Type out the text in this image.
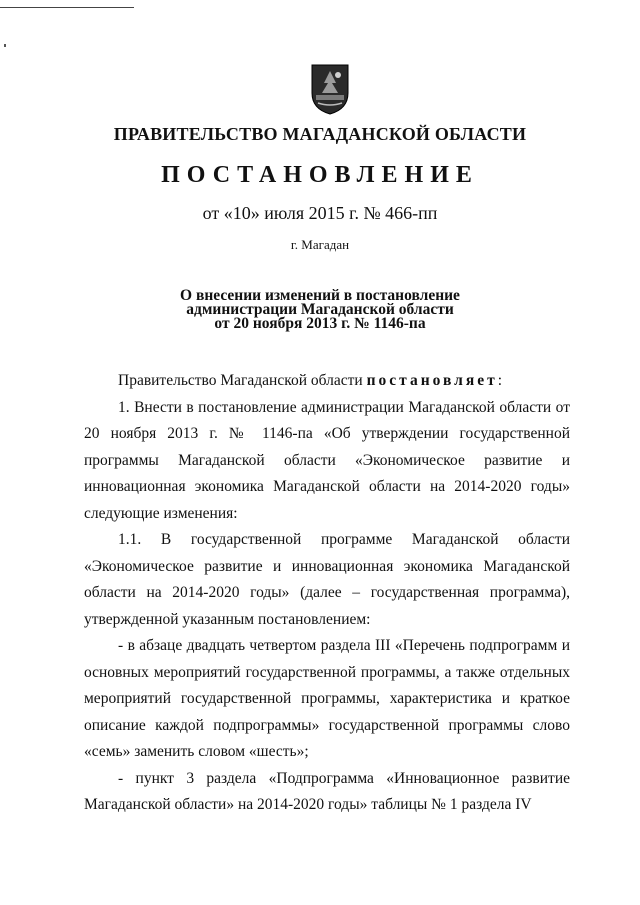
ПРАВИТЕЛЬСТВО МАГАДАНСКОЙ ОБЛАСТИ
ПОСТАНОВЛЕНИЕ
от «10» июля 2015 г. № 466-пп
г. Магадан
О внесении изменений в постановление
администрации Магаданской области
от 20 ноября 2013 г. № 1146-па

Правительство Магаданской области постановляет:

1. Внести в постановление администрации Магаданской области от 20 ноября 2013 г. № 1146-па «Об утверждении государственной программы Магаданской области «Экономическое развитие и инновационная экономика Магаданской области на 2014-2020 годы» следующие изменения:

1.1. В государственной программе Магаданской области «Экономическое развитие и инновационная экономика Магаданской области на 2014-2020 годы» (далее – государственная программа), утвержденной указанным постановлением:

- в абзаце двадцать четвертом раздела III «Перечень подпрограмм и основных мероприятий государственной программы, а также отдельных мероприятий государственной программы, характеристика и краткое описание каждой подпрограммы» государственной программы слово «семь» заменить словом «шесть»;

- пункт 3 раздела «Подпрограмма «Инновационное развитие Магаданской области» на 2014-2020 годы» таблицы № 1 раздела IV
